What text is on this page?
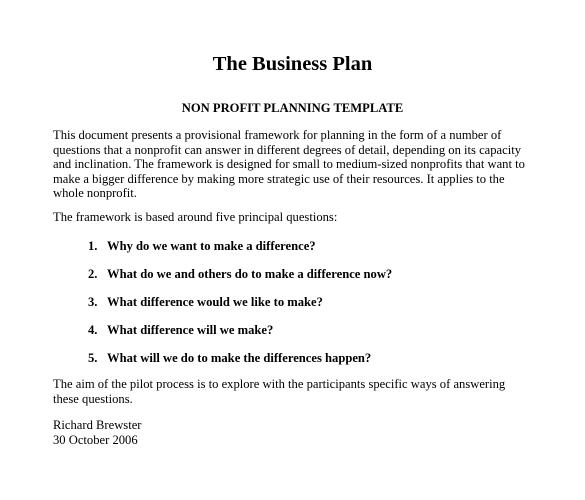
The Business Plan
NON PROFIT PLANNING TEMPLATE
This document presents a provisional framework for planning in the form of a number of questions that a nonprofit can answer in different degrees of detail, depending on its capacity and inclination. The framework is designed for small to medium-sized nonprofits that want to make a bigger difference by making more strategic use of their resources. It applies to the whole nonprofit.
The framework is based around five principal questions:
1. Why do we want to make a difference?
2. What do we and others do to make a difference now?
3. What difference would we like to make?
4. What difference will we make?
5. What will we do to make the differences happen?
The aim of the pilot process is to explore with the participants specific ways of answering these questions.
Richard Brewster
30 October 2006
